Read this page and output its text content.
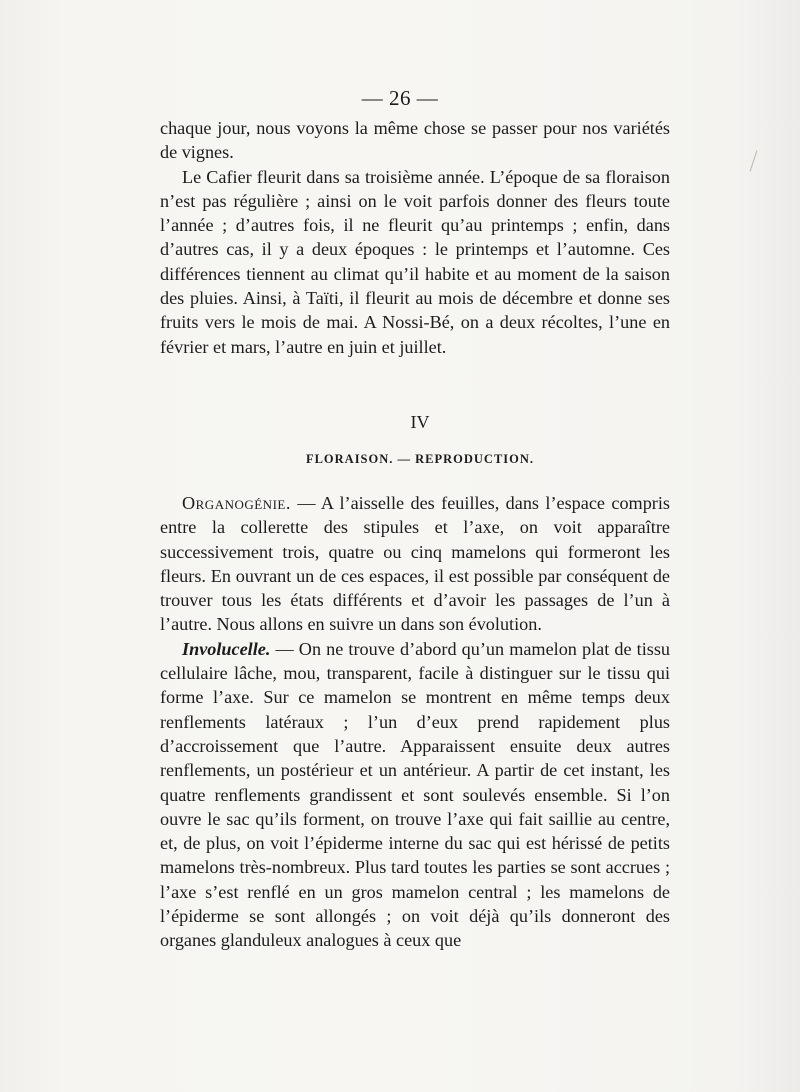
— 26 —

chaque jour, nous voyons la même chose se passer pour nos variétés de vignes.

Le Cafier fleurit dans sa troisième année. L’époque de sa floraison n’est pas régulière ; ainsi on le voit parfois donner des fleurs toute l’année ; d’autres fois, il ne fleurit qu’au printemps ; enfin, dans d’autres cas, il y a deux époques : le printemps et l’automne. Ces différences tiennent au climat qu’il habite et au moment de la saison des pluies. Ainsi, à Taïti, il fleurit au mois de décembre et donne ses fruits vers le mois de mai. A Nossi-Bé, on a deux récoltes, l’une en février et mars, l’autre en juin et juillet.

IV
FLORAISON. — REPRODUCTION.

Organogénie. — A l’aisselle des feuilles, dans l’espace compris entre la collerette des stipules et l’axe, on voit apparaître successivement trois, quatre ou cinq mamelons qui formeront les fleurs. En ouvrant un de ces espaces, il est possible par conséquent de trouver tous les états différents et d’avoir les passages de l’un à l’autre. Nous allons en suivre un dans son évolution.

Involucelle. — On ne trouve d’abord qu’un mamelon plat de tissu cellulaire lâche, mou, transparent, facile à distinguer sur le tissu qui forme l’axe. Sur ce mamelon se montrent en même temps deux renflements latéraux ; l’un d’eux prend rapidement plus d’accroissement que l’autre. Apparaissent ensuite deux autres renflements, un postérieur et un antérieur. A partir de cet instant, les quatre renflements grandissent et sont soulevés ensemble. Si l’on ouvre le sac qu’ils forment, on trouve l’axe qui fait saillie au centre, et, de plus, on voit l’épiderme interne du sac qui est hérissé de petits mamelons très-nombreux. Plus tard toutes les parties se sont accrues ; l’axe s’est renflé en un gros mamelon central ; les mamelons de l’épiderme se sont allongés ; on voit déjà qu’ils donneront des organes glanduleux analogues à ceux que
